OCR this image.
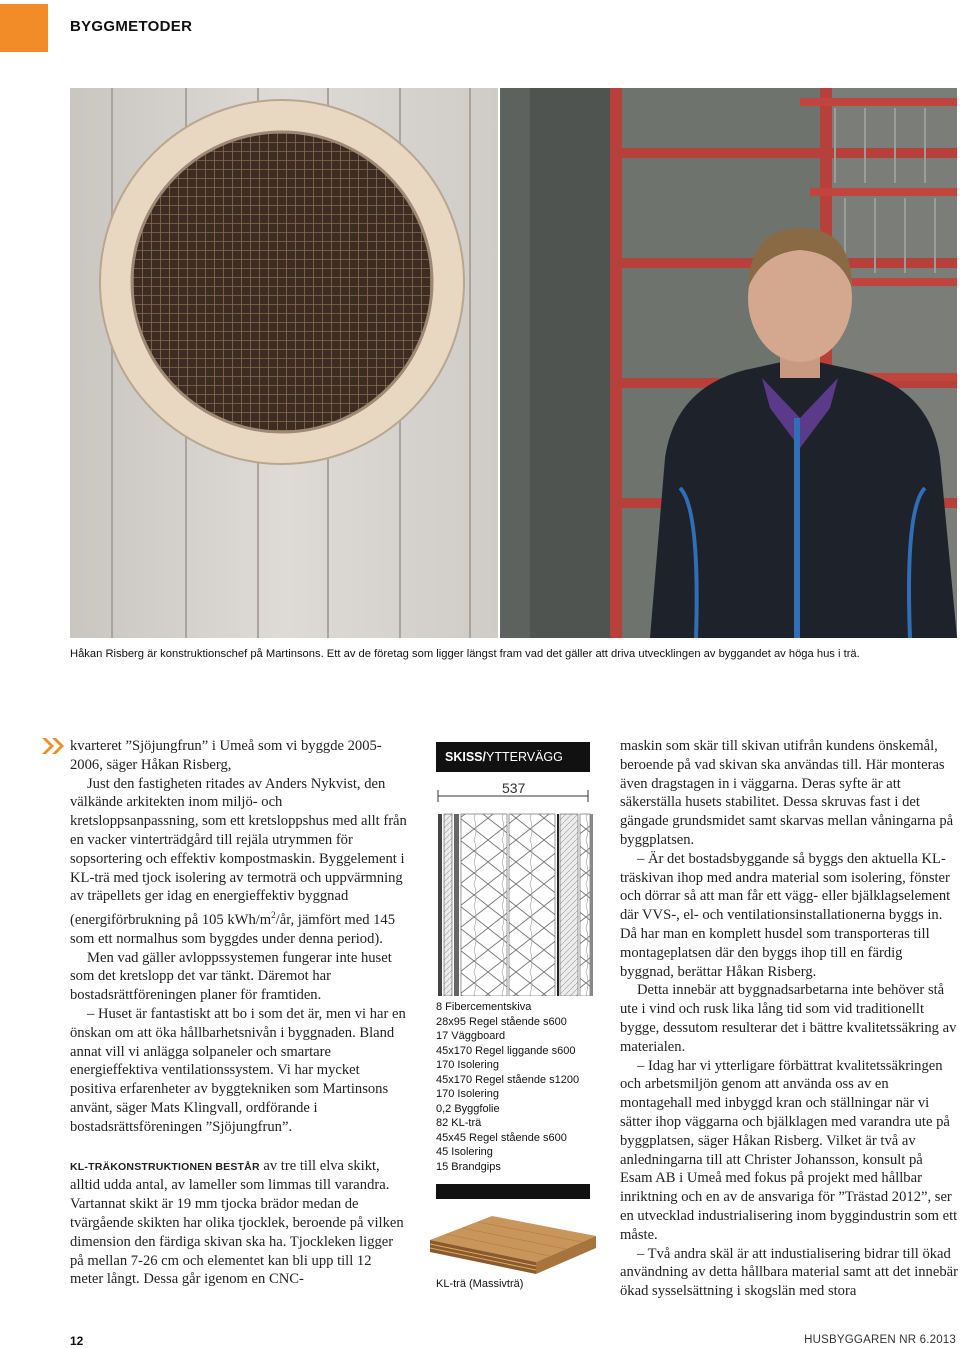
BYGGMETODER
Håkan Risberg är konstruktionschef på Martinsons. Ett av de företag som ligger längst fram vad det gäller att driva utvecklingen av byggandet av höga hus i trä.

kvarteret ”Sjöjungfrun” i Umeå som vi byggde 2005-2006, säger Håkan Risberg,

Just den fastigheten ritades av Anders Nykvist, den välkände arkitekten inom miljö- och kretsloppsanpassning, som ett kretsloppshus med allt från en vacker vinterträdgård till rejäla utrymmen för sopsortering och effektiv kompostmaskin. Byggelement i KL-trä med tjock isolering av termoträ och uppvärmning av träpellets ger idag en energieffektiv byggnad (energiförbrukning på 105 kWh/$m^2/år$, jämfört med 145 som ett normalhus som byggdes under denna period).

Men vad gäller avloppssystemen fungerar inte huset som det kretslopp det var tänkt. Däremot har bostadsrättföreningen planer för framtiden.

– Huset är fantastiskt att bo i som det är, men vi har en önskan om att öka hållbarhetsnivån i byggnaden. Bland annat vill vi anlägga solpaneler och smartare energieffektiva ventilationssystem. Vi har mycket positiva erfarenheter av byggtekniken som Martinsons använt, säger Mats Klingvall, ordförande i bostadsrättsföreningen ”Sjöjungfrun”.

KL-TRÄKONSTRUKTIONEN BESTÅR av tre till elva skikt, alltid udda antal, av lameller som limmas till varandra. Vartannat skikt är 19 mm tjocka brädor medan de tvärgående skikten har olika tjocklek, beroende på vilken dimension den färdiga skivan ska ha. Tjockleken ligger på mellan 7-26 cm och elementet kan bli upp till 12 meter långt. Dessa går igenom en CNC-

SKISS/YTTERVÄGG
537
8 Fibercementskiva
28x95 Regel stående s600
17 Väggboard
45x170 Regel liggande s600
170 Isolering
45x170 Regel stående s1200
170 Isolering
0,2 Byggfolie
82 KL-trä
45x45 Regel stående s600
45 Isolering
15 Brandgips
KL-trä (Massivträ)

maskin som skär till skivan utifrån kundens önskemål, beroende på vad skivan ska användas till. Här monteras även dragstagen in i väggarna. Deras syfte är att säkerställa husets stabilitet. Dessa skruvas fast i det gängade grundsmidet samt skarvas mellan våningarna på byggplatsen.

– Är det bostadsbyggande så byggs den aktuella KL-träskivan ihop med andra material som isolering, fönster och dörrar så att man får ett vägg- eller bjälklagselement där VVS-, el- och ventilationsinstallationerna byggs in. Då har man en komplett husdel som transporteras till montageplatsen där den byggs ihop till en färdig byggnad, berättar Håkan Risberg.

Detta innebär att byggnadsarbetarna inte behöver stå ute i vind och rusk lika lång tid som vid traditionellt bygge, dessutom resulterar det i bättre kvalitetssäkring av materialen.

– Idag har vi ytterligare förbättrat kvalitetssäkringen och arbetsmiljön genom att använda oss av en montagehall med inbyggd kran och ställningar när vi sätter ihop väggarna och bjälklagen med varandra ute på byggplatsen, säger Håkan Risberg. Vilket är två av anledningarna till att Christer Johansson, konsult på Esam AB i Umeå med fokus på projekt med hållbar inriktning och en av de ansvariga för ”Trästad 2012”, ser en utvecklad industrialisering inom byggindustrin som ett måste.

– Två andra skäl är att industialisering bidrar till ökad användning av detta hållbara material samt att det innebär ökad sysselsättning i skogslän med stora

12	HUSBYGGAREN NR 6.2013
